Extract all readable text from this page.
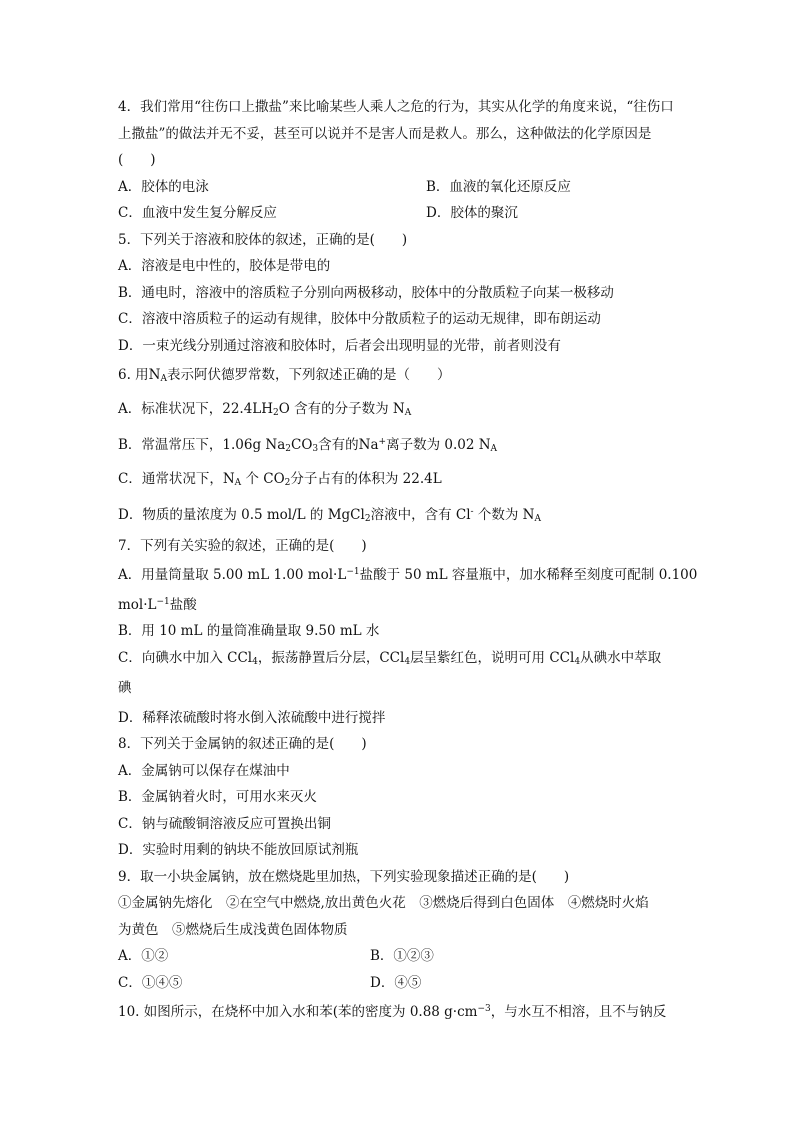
4．我们常用“往伤口上撒盐”来比喻某些人乘人之危的行为，其实从化学的角度来说，“往伤口上撒盐”的做法并无不妥，甚至可以说并不是害人而是救人。那么，这种做法的化学原因是(　　)

A．胶体的电泳	B．血液的氧化还原反应
C．血液中发生复分解反应	D．胶体的聚沉

5．下列关于溶液和胶体的叙述，正确的是(　　)

A．溶液是电中性的，胶体是带电的

B．通电时，溶液中的溶质粒子分别向两极移动，胶体中的分散质粒子向某一极移动

C．溶液中溶质粒子的运动有规律，胶体中分散质粒子的运动无规律，即布朗运动

D．一束光线分别通过溶液和胶体时，后者会出现明显的光带，前者则没有

6. 用$N_A$表示阿伏德罗常数，下列叙述正确的是（　　）

A．标准状况下，$22.4LH_2O$ 含有的分子数为 $N_A$

B．常温常压下，1.06g $Na_2CO_3$含有的Na+离子数为 0.02 $N_A$

C．通常状况下，$N_A$ 个 $CO_2$分子占有的体积为 22.4L

D．物质的量浓度为 0.5 mol/L 的 MgCl$_2$溶液中，含有 Cl- 个数为 $N_A$

7．下列有关实验的叙述，正确的是(　　)

A．用量筒量取 5.00 mL 1.00 $mol\cdot L^{-1}$盐酸于 50 mL 容量瓶中，加水稀释至刻度可配制 0.100

$mol\cdot L^{-1}$盐酸

B．用 10 mL 的量筒准确量取 9.50 mL 水

C．向碘水中加入 CCl$_4$，振荡静置后分层，CCl$_4$层呈紫红色，说明可用 CCl$_4$从碘水中萃取

碘

D．稀释浓硫酸时将水倒入浓硫酸中进行搅拌

8．下列关于金属钠的叙述正确的是(　　)

A．金属钠可以保存在煤油中

B．金属钠着火时，可用水来灭火

C．钠与硫酸铜溶液反应可置换出铜

D．实验时用剩的钠块不能放回原试剂瓶

9．取一小块金属钠，放在燃烧匙里加热，下列实验现象描述正确的是(　　)

①金属钠先熔化　②在空气中燃烧,放出黄色火花　③燃烧后得到白色固体　④燃烧时火焰

为黄色　⑤燃烧后生成浅黄色固体物质

A．①②	B．①②③
C．①④⑤	D．④⑤

10. 如图所示，在烧杯中加入水和苯(苯的密度为 0.88 $g\cdot cm^{-3}$，与水互不相溶，且不与钠反
